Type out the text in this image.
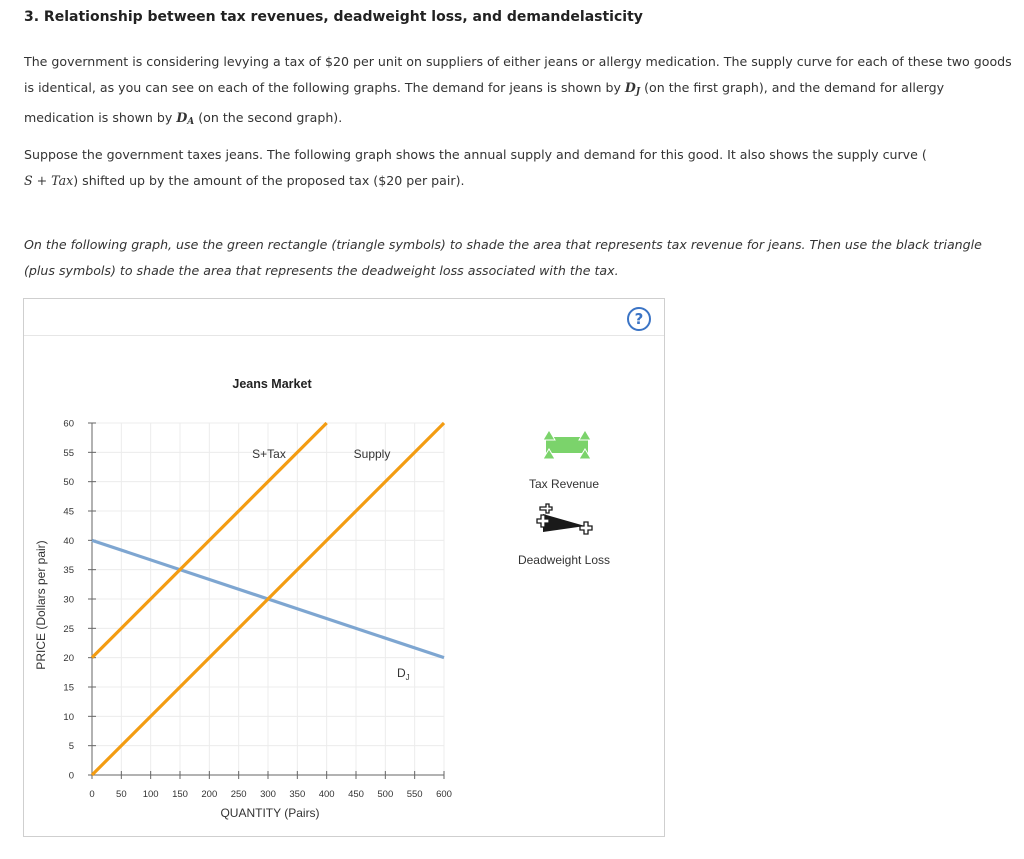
3. Relationship between tax revenues, deadweight loss, and demandelasticity

The government is considering levying a tax of $20 per unit on suppliers of either jeans or allergy medication. The supply curve for each of these two goods is identical, as you can see on each of the following graphs. The demand for jeans is shown by $D_J$ (on the first graph), and the demand for allergy medication is shown by $D_A$ (on the second graph).

Suppose the government taxes jeans. The following graph shows the annual supply and demand for this good. It also shows the supply curve (
S + Tax) shifted up by the amount of the proposed tax ($20 per pair).

On the following graph, use the green rectangle (triangle symbols) to shade the area that represents tax revenue for jeans. Then use the black triangle (plus symbols) to shade the area that represents the deadweight loss associated with the tax.

?
Jeans Market
0
5
10
15
20
25
30
35
40
45
50
55
60
0 50 100 150 200 250 300 350 400 450 500 550 600
PRICE (Dollars per pair)
QUANTITY (Pairs)
S+Tax	Supply
$D_J$
Tax Revenue
Deadweight Loss
